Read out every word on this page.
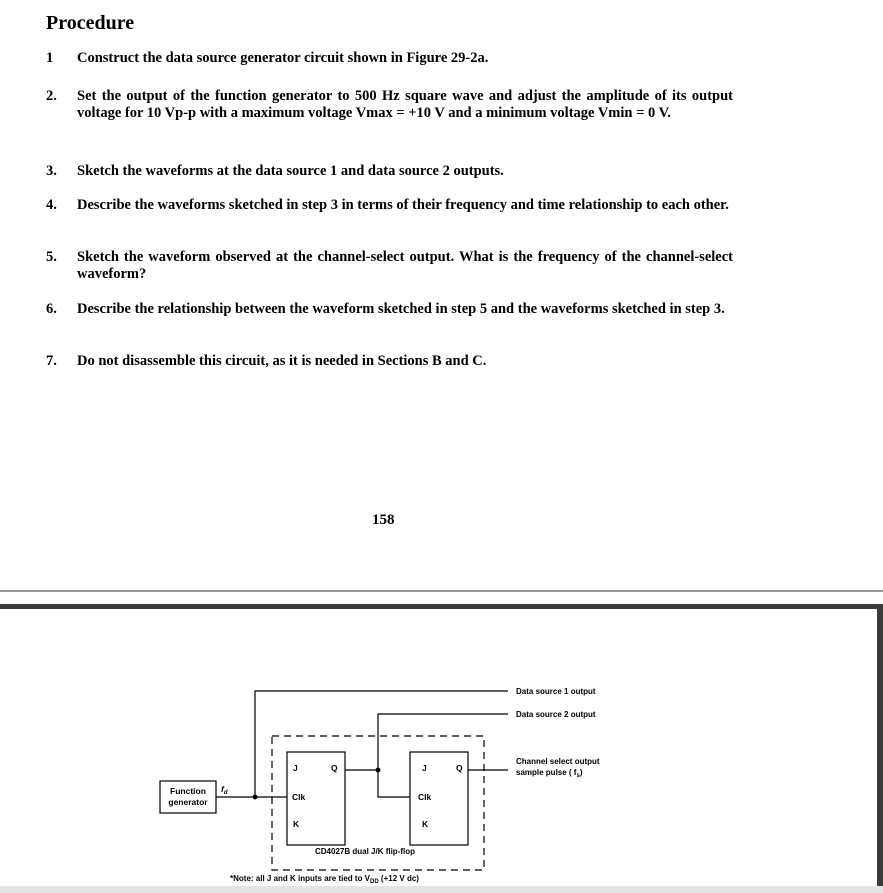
Procedure
1	Construct the data source generator circuit shown in Figure 29-2a.
2.	Set the output of the function generator to 500 Hz square wave and adjust the amplitude of its output voltage for 10 Vp-p with a maximum voltage Vmax = +10 V and a minimum voltage Vmin = 0 V.
3.	Sketch the waveforms at the data source 1 and data source 2 outputs.
4.	Describe the waveforms sketched in step 3 in terms of their frequency and time relationship to each other.
5.	Sketch the waveform observed at the channel-select output. What is the frequency of the channel-select waveform?
6.	Describe the relationship between the waveform sketched in step 5 and the waveforms sketched in step 3.
7.	Do not disassemble this circuit, as it is needed in Sections B and C.
158
Function
generator
$f_d$
J	Q
Clk
K
J	Q
Clk
K
CD4027B dual J/K flip-flop
Data source 1 output
Data source 2 output
Channel select output
sample pulse ( $f_s$)
*Note: all J and K inputs are tied to $V_{DD}$ (+12 V dc)
